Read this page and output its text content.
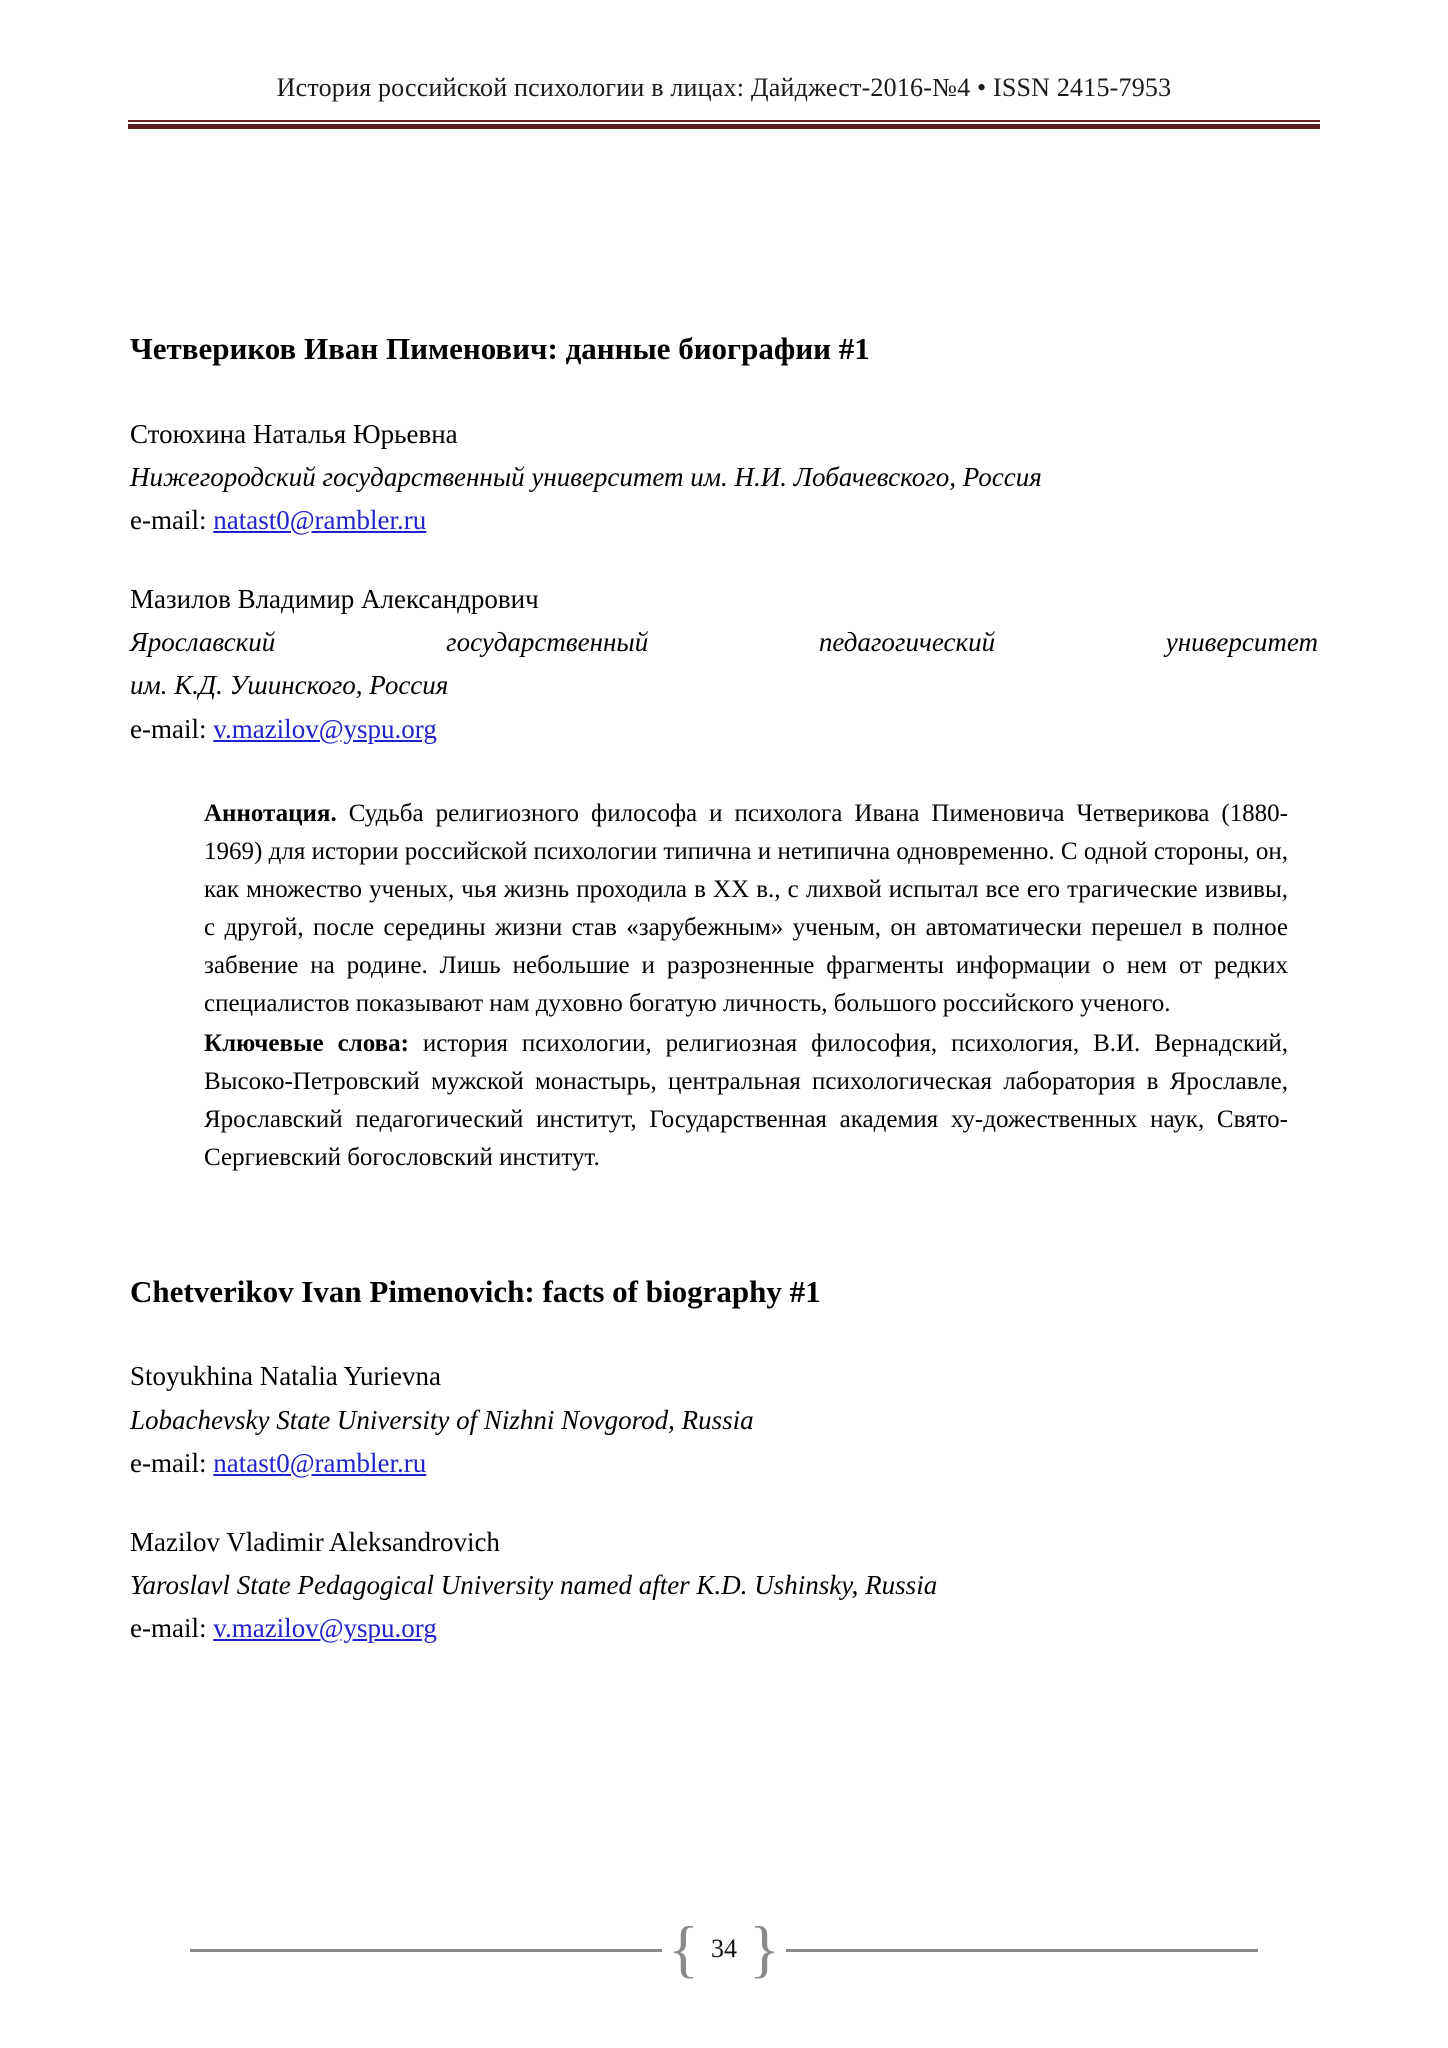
История российской психологии в лицах: Дайджест-2016-№4 • ISSN 2415-7953
Четвериков Иван Пименович: данные биографии #1
Стоюхина Наталья Юрьевна
Нижегородский государственный университет им. Н.И. Лобачевского, Россия
e-mail: natast0@rambler.ru
Мазилов Владимир Александрович
Ярославский государственный педагогический университет
им. К.Д. Ушинского, Россия
e-mail: v.mazilov@yspu.org

Аннотация. Судьба религиозного философа и психолога Ивана Пименовича Четверикова (1880-1969) для истории российской психологии типична и нетипична одновременно. С одной стороны, он, как множество ученых, чья жизнь проходила в XX в., с лихвой испытал все его трагические извивы, с другой, после середины жизни став «зарубежным» ученым, он автоматически перешел в полное забвение на родине. Лишь небольшие и разрозненные фрагменты информации о нем от редких специалистов показывают нам духовно богатую личность, большого российского ученого.

Ключевые слова: история психологии, религиозная философия, психология, В.И. Вернадский, Высоко-Петровский мужской монастырь, центральная психологическая лаборатория в Ярославле, Ярославский педагогический институт, Государственная академия ху-дожественных наук, Свято-Сергиевский богословский институт.

Chetverikov Ivan Pimenovich: facts of biography #1
Stoyukhina Natalia Yurievna
Lobachevsky State University of Nizhni Novgorod, Russia
e-mail: natast0@rambler.ru
Mazilov Vladimir Aleksandrovich
Yaroslavl State Pedagogical University named after K.D. Ushinsky, Russia
e-mail: v.mazilov@yspu.org
{ 34 }
